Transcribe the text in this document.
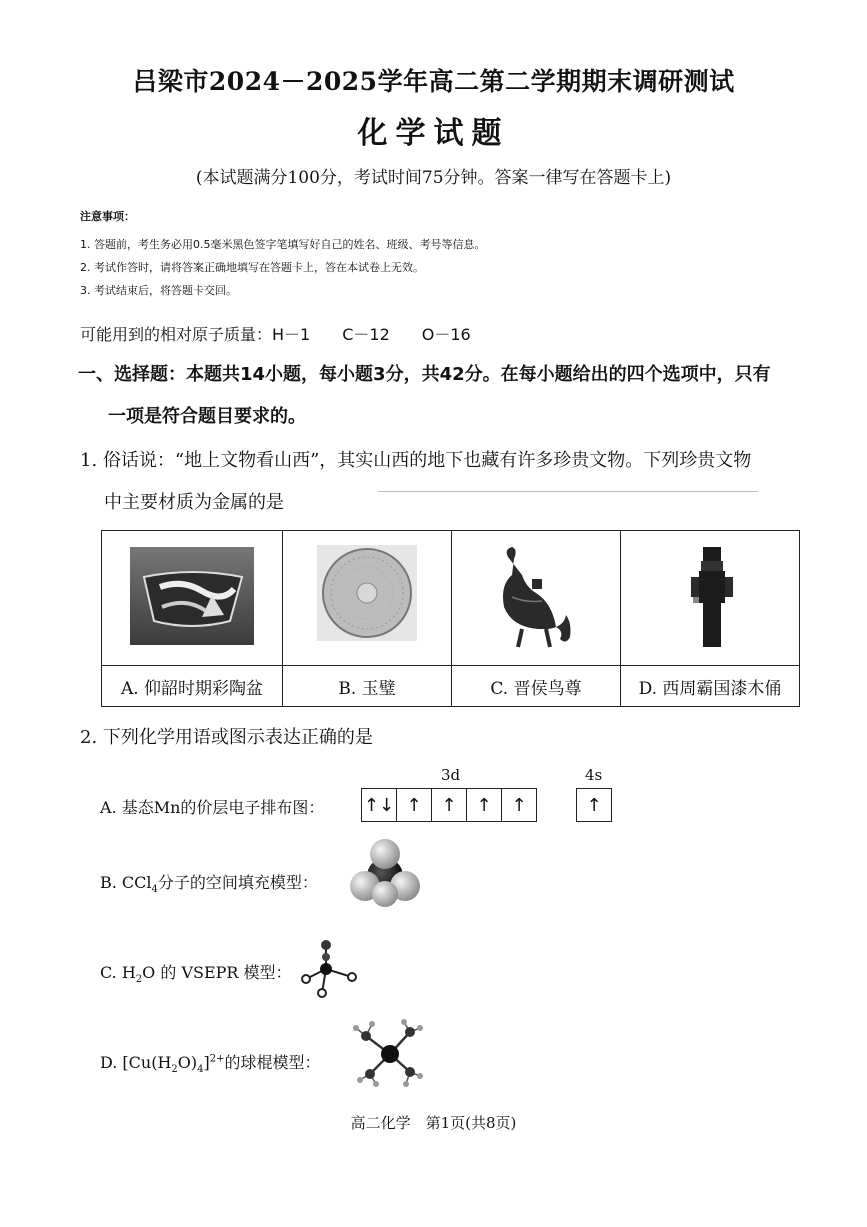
吕梁市2024－2025学年高二第二学期期末调研测试
化学试题
(本试题满分100分，考试时间75分钟。答案一律写在答题卡上)
注意事项：
1. 答题前，考生务必用0.5毫米黑色签字笔填写好自己的姓名、班级、考号等信息。
2. 考试作答时，请将答案正确地填写在答题卡上，答在本试卷上无效。
3. 考试结束后，将答题卡交回。
可能用到的相对原子质量：H－1　　C－12　　O－16
一、选择题：本题共14小题，每小题3分，共42分。在每小题给出的四个选项中，只有
一项是符合题目要求的。
1. 俗话说：“地上文物看山西”，其实山西的地下也藏有许多珍贵文物。下列珍贵文物
中主要材质为金属的是

A. 仰韶时期彩陶盆	B. 玉璧	C. 晋侯鸟尊	D. 西周霸国漆木俑
2. 下列化学用语或图示表达正确的是
3d	4s
A. 基态Mn的价层电子排布图： ↑↓ ↑	↑	↑	↑	↑
B. CCl$_4$分子的空间填充模型：
C. $H_2O$ 的 VSEPR 模型：
D. $[Cu(H_2O)_4]^{2+}$的球棍模型：
高二化学　第1页(共8页)
